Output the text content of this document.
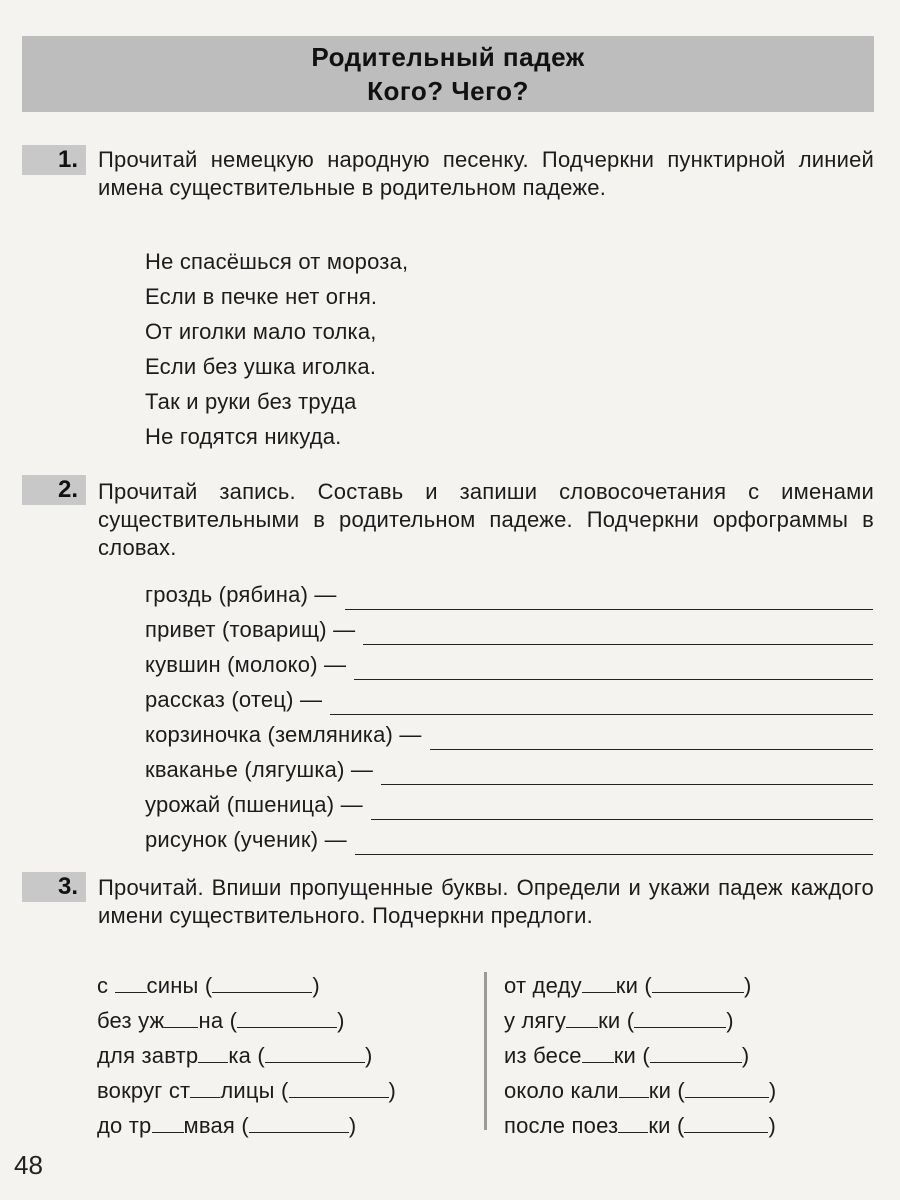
Родительный падеж
Кого? Чего?
1. Прочитай немецкую народную песенку. Подчеркни пунктирной линией имена существительные в родительном падеже.
Не спасёшься от мороза,
Если в печке нет огня.
От иголки мало толка,
Если без ушка иголка.
Так и руки без труда
Не годятся никуда.
2. Прочитай запись. Составь и запиши словосочетания с именами существительными в родительном падеже. Подчеркни орфограммы в словах.
гроздь (рябина) —
привет (товарищ) —
кувшин (молоко) —
рассказ (отец) —
корзиночка (земляника) —
кваканье (лягушка) —
урожай (пшеница) —
рисунок (ученик) —
3. Прочитай. Впиши пропущенные буквы. Определи и укажи падеж каждого имени существительного. Подчеркни предлоги.
с сины (	)
без уж на (	)
для завтр ка (	)
вокруг ст лицы (	)
до тр мвая (	)
от деду ки (	)
у лягу ки (	)
из бесе ки (	)
около кали ки (	)
после поез ки (	)
48
